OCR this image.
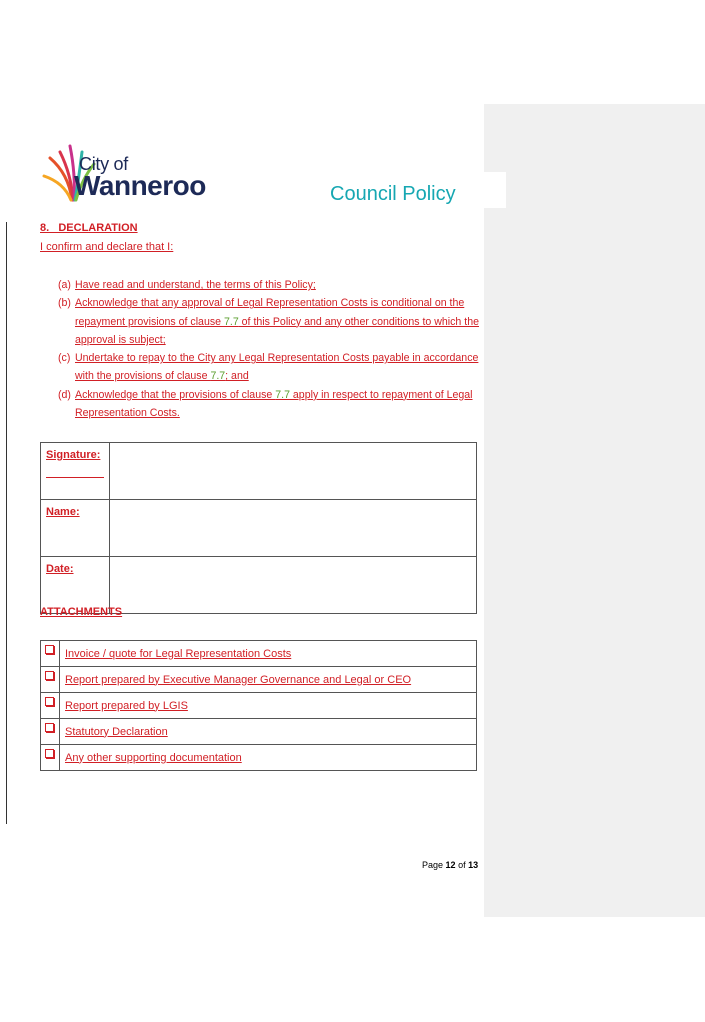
City of
Wanneroo	Council Policy
8.   DECLARATION
I confirm and declare that I:
(a) Have read and understand, the terms of this Policy;
(b) Acknowledge that any approval of Legal Representation Costs is conditional on the repayment provisions of clause 7.7 of this Policy and any other conditions to which the approval is subject;
(c) Undertake to repay to the City any Legal Representation Costs payable in accordance with the provisions of clause 7.7; and
(d) Acknowledge that the provisions of clause 7.7 apply in respect to repayment of Legal Representation Costs.
Signature:

Name:	
Date:	
ATTACHMENTS
	Invoice / quote for Legal Representation Costs
	Report prepared by Executive Manager Governance and Legal or CEO
	Report prepared by LGIS
	Statutory Declaration
	Any other supporting documentation
Page 12 of 13
